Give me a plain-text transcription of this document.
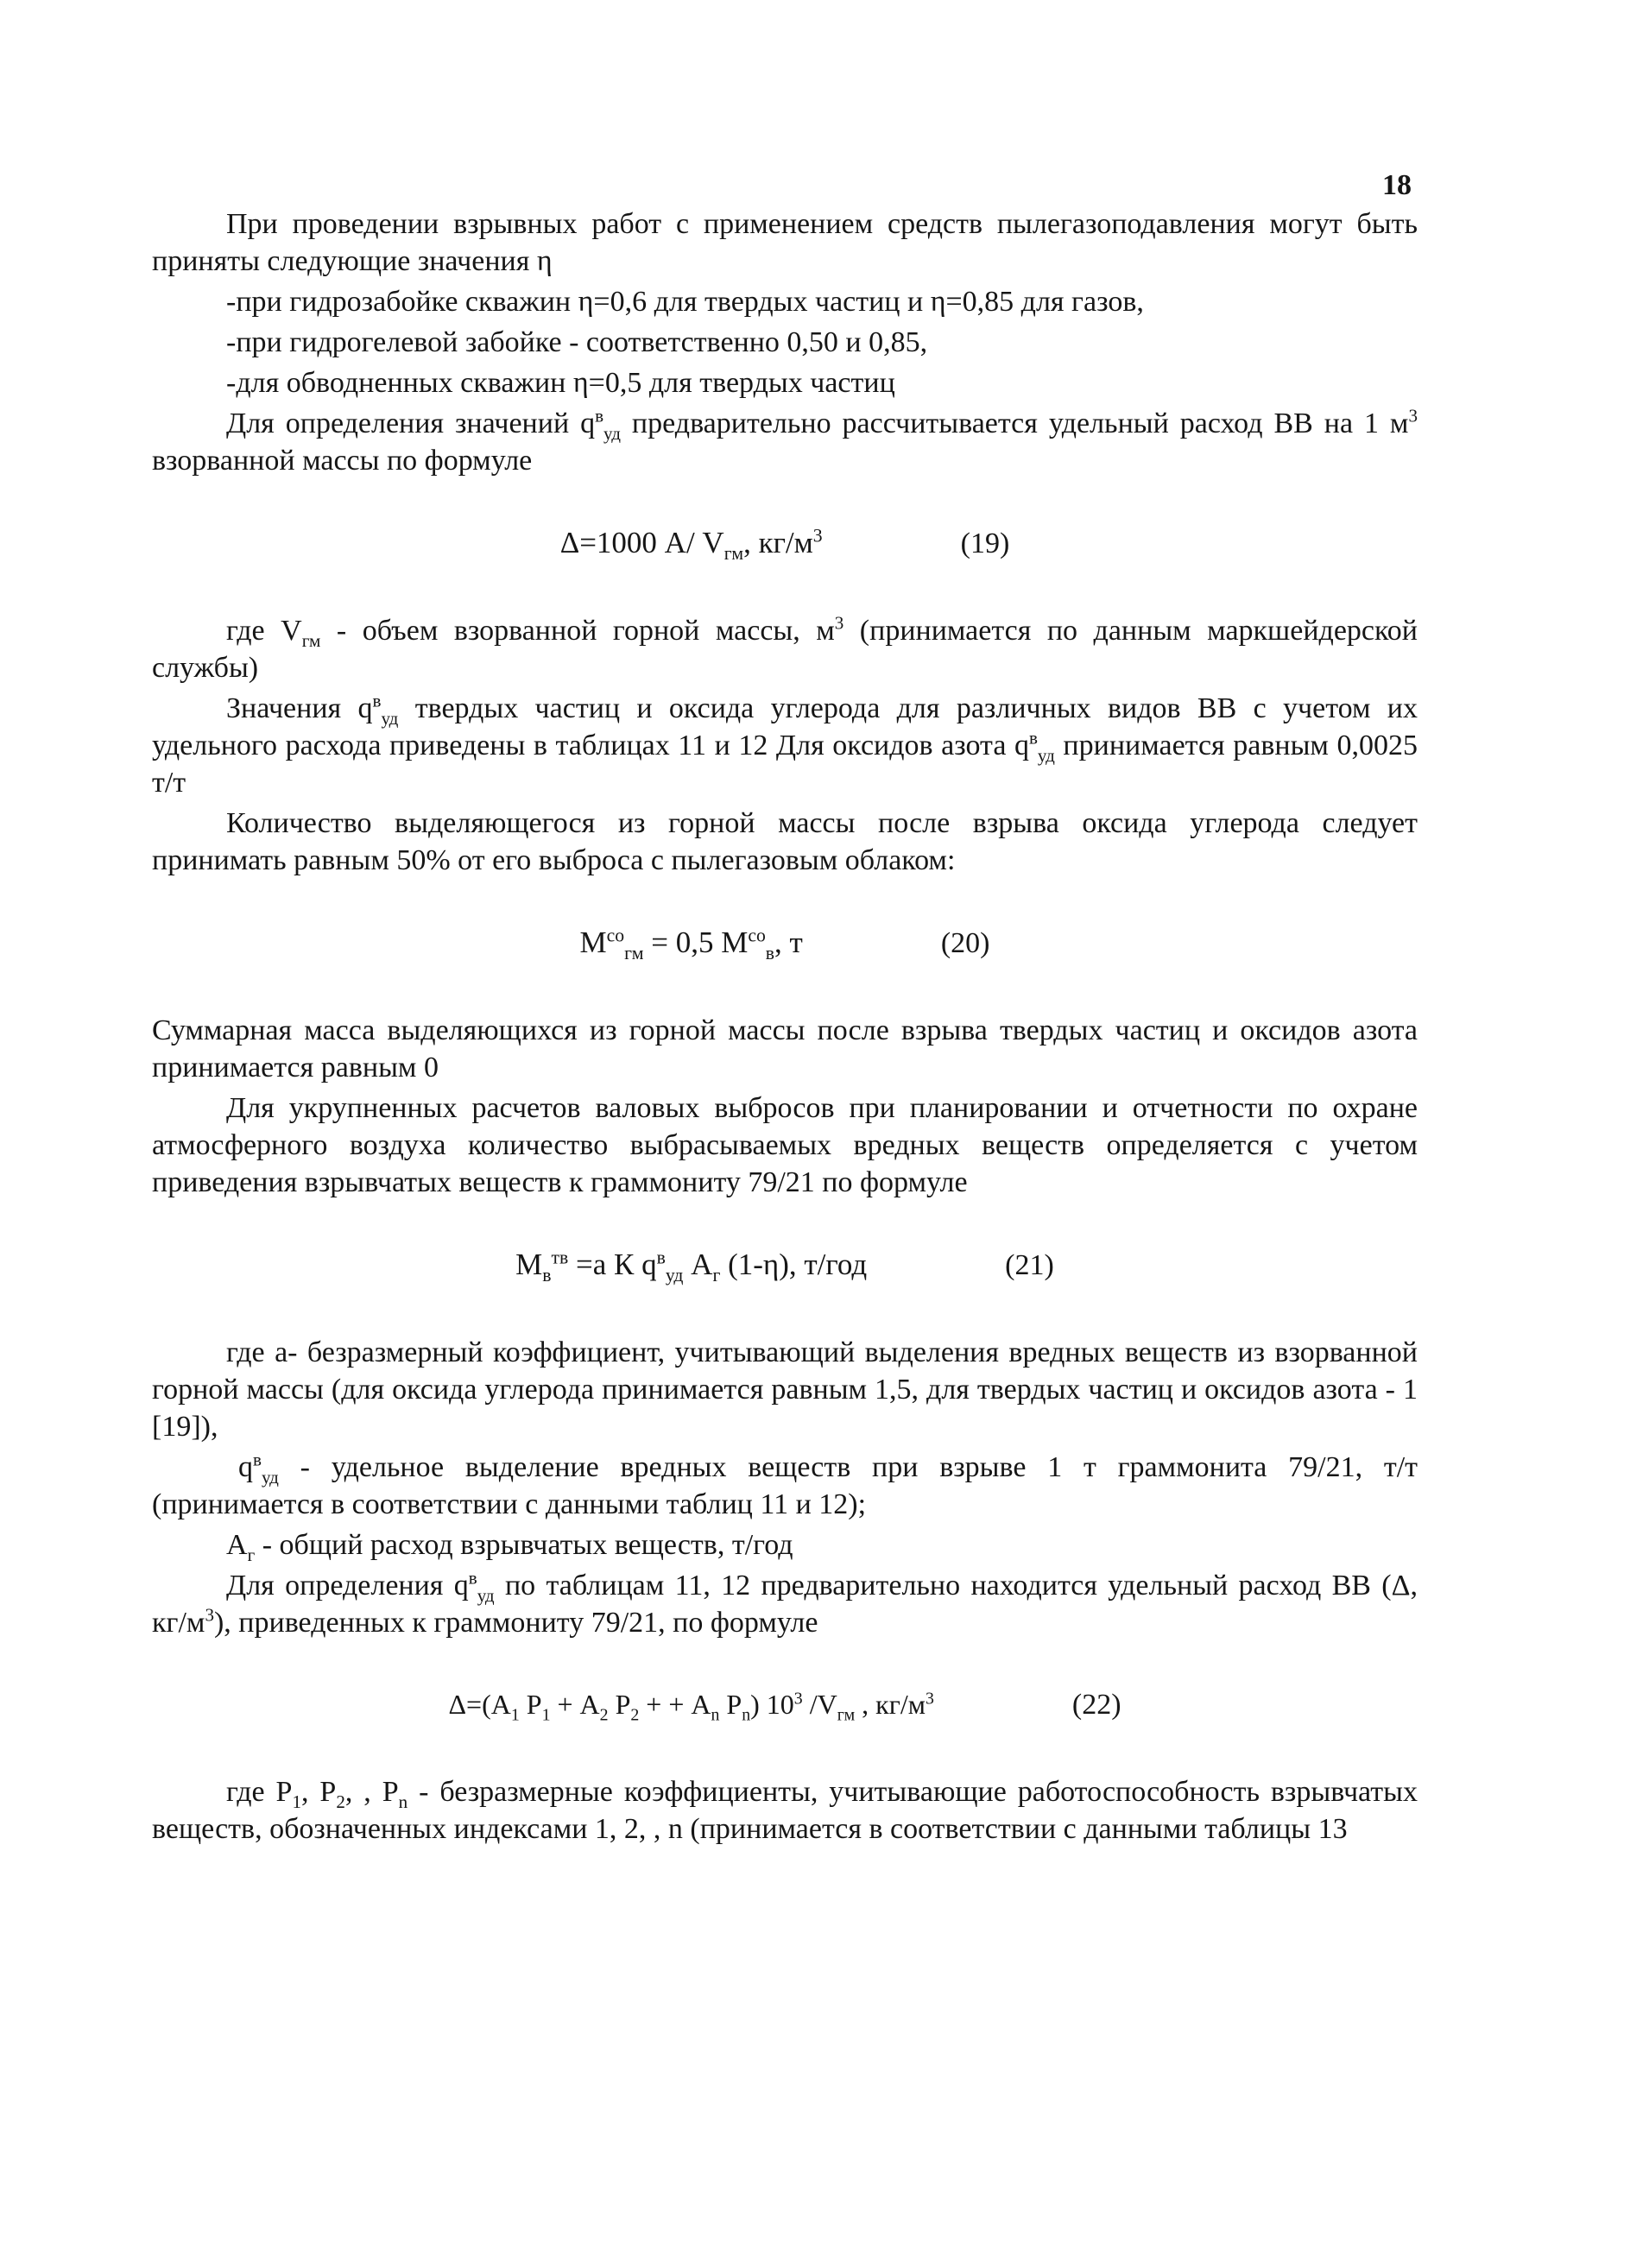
18

При проведении взрывных работ с применением средств пылегазоподавления могут быть приняты следующие значения η

-при гидрозабойке скважин η=0,6 для твердых частиц и η=0,85 для газов,

-при гидрогелевой забойке - соответственно 0,50 и 0,85,

-для обводненных скважин η=0,5 для твердых частиц

Для определения значений $q^в_{уд}$ предварительно рассчитывается удельный расход ВВ на 1 $м^3$ взорванной массы по формуле

Δ=1000 А/ $V_{гм}$, $кг/м^3$	(19)

где $V_{гм}$ - объем взорванной горной массы, $м^3$ (принимается по данным маркшейдерской службы)

Значения $q^в_{уд}$ твердых частиц и оксида углерода для различных видов ВВ с учетом их удельного расхода приведены в таблицах 11 и 12 Для оксидов азота $q^в_{уд}$ принимается равным 0,0025 т/т

Количество выделяющегося из горной массы после взрыва оксида углерода следует принимать равным 50% от его выброса с пылегазовым облаком:

$М^{со}_{гм} = 0,5$ $М^{со}_в$, т	(20)

Суммарная масса выделяющихся из горной массы после взрыва твердых частиц и оксидов азота принимается равным 0

Для укрупненных расчетов валовых выбросов при планировании и отчетности по охране атмосферного воздуха количество выбрасываемых вредных веществ определяется с учетом приведения взрывчатых веществ к граммониту 79/21 по формуле

$М_в^{тв} =а$ К $q^в_{уд}$ $А_г$ (1-η), т/год	(21)

где а- безразмерный коэффициент, учитывающий выделения вредных веществ из взорванной горной массы (для оксида углерода принимается равным 1,5, для твердых частиц и оксидов азота - 1 [19]),

$q^в_{уд}$ - удельное выделение вредных веществ при взрыве 1 т граммонита 79/21, т/т (принимается в соответствии с данными таблиц 11 и 12);

$А_г$ - общий расход взрывчатых веществ, т/год

Для определения $q^в_{уд}$ по таблицам 11, 12 предварительно находится удельный расход ВВ (Δ, $кг/м^3$), приведенных к граммониту 79/21, по формуле

$\Delta=(А_1$ $Р_1 + А_2$ $Р_2$ + + $А_n$ $Р_n$) $10^3$ $/V_{гм}$ , $кг/м^3$	(22)

где $Р_1$, $Р_2$, , $Р_n$ - безразмерные коэффициенты, учитывающие работоспособность взрывчатых веществ, обозначенных индексами 1, 2, , n (принимается в соответствии с данными таблицы 13
